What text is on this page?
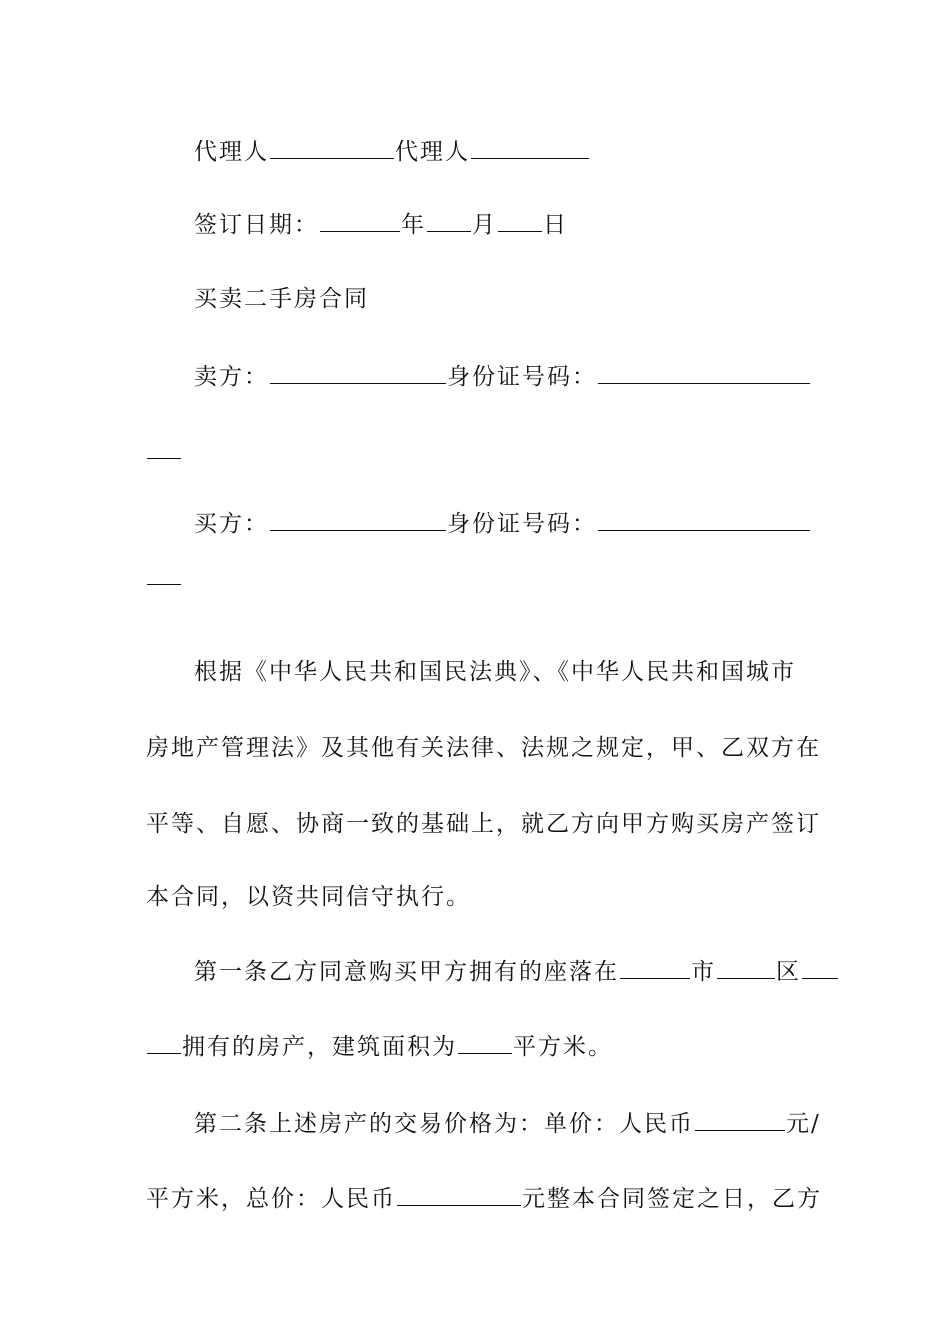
代理人	代理人
签订日期：	年 月 日
买卖二手房合同
卖方：	身份证号码：
买方：	身份证号码：
根据《中华人民共和国民法典》、《中华人民共和国城市
房地产管理法》及其他有关法律、法规之规定，甲、乙双方在
平等、自愿、协商一致的基础上，就乙方向甲方购买房产签订
本合同，以资共同信守执行。
第一条乙方同意购买甲方拥有的座落在	市	区
拥有的房产，建筑面积为 平方米。
第二条上述房产的交易价格为：单价：人民币	元/
平方米，总价：人民币	元整本合同签定之日，乙方
